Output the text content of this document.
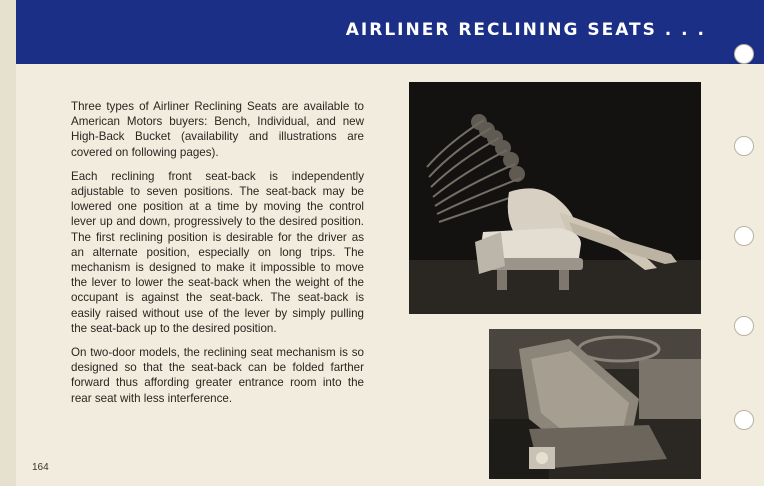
AIRLINER RECLINING SEATS . . .

Three types of Airliner Reclining Seats are available to American Motors buyers: Bench, Individual, and new High-Back Bucket (availability and illustrations are covered on following pages).

Each reclining front seat-back is independently adjustable to seven positions. The seat-back may be lowered one position at a time by moving the control lever up and down, progressively to the desired position. The first reclining position is desirable for the driver as an alternate position, especially on long trips. The mechanism is designed to make it impossible to move the lever to lower the seat-back when the weight of the occupant is against the seat-back. The seat-back is easily raised without use of the lever by simply pulling the seat-back up to the desired position.

On two-door models, the reclining seat mechanism is so designed so that the seat-back can be folded farther forward thus affording greater entrance room into the rear seat with less interference.

164
